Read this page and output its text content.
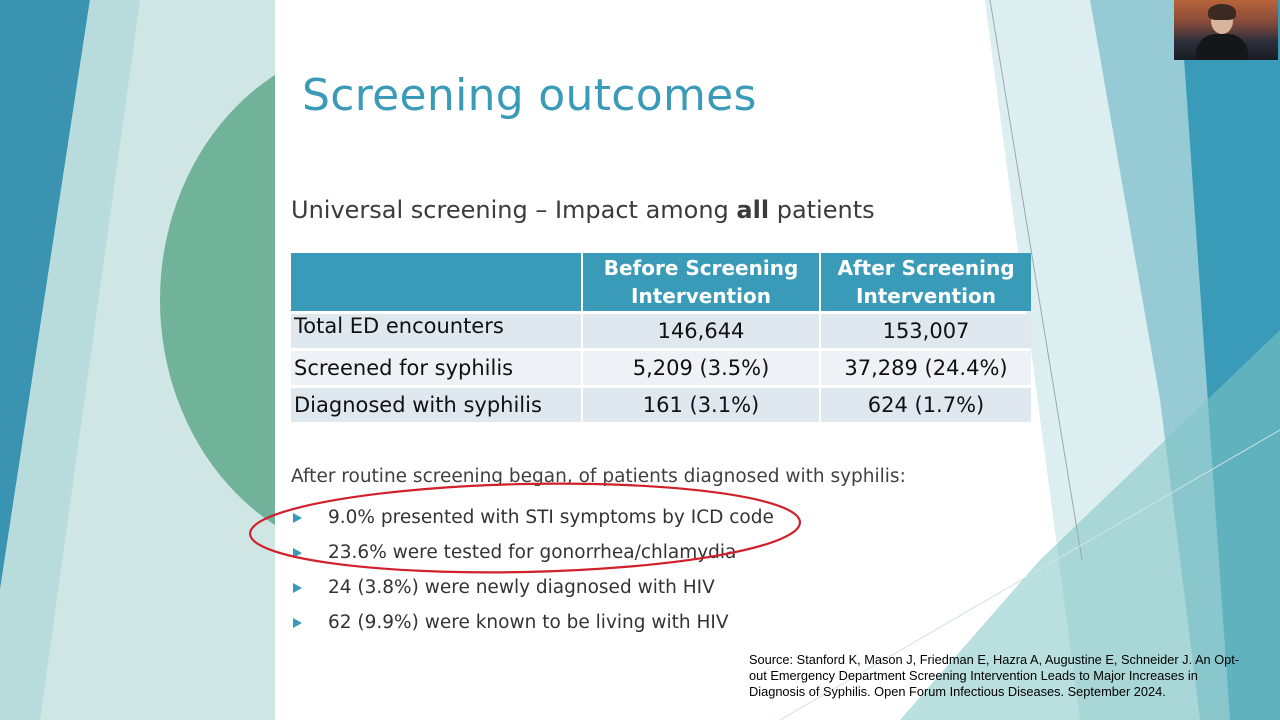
Screening outcomes
Universal screening – Impact among all patients
	Before Screening Intervention	After Screening Intervention
Total ED encounters	146,644	153,007
Screened for syphilis	5,209 (3.5%)	37,289 (24.4%)
Diagnosed with syphilis	161 (3.1%)	624 (1.7%)
After routine screening began, of patients diagnosed with syphilis:
9.0% presented with STI symptoms by ICD code
23.6% were tested for gonorrhea/chlamydia
24 (3.8%) were newly diagnosed with HIV
62 (9.9%) were known to be living with HIV
Source: Stanford K, Mason J, Friedman E, Hazra A, Augustine E, Schneider J. An Opt-out Emergency Department Screening Intervention Leads to Major Increases in Diagnosis of Syphilis. Open Forum Infectious Diseases. September 2024.
